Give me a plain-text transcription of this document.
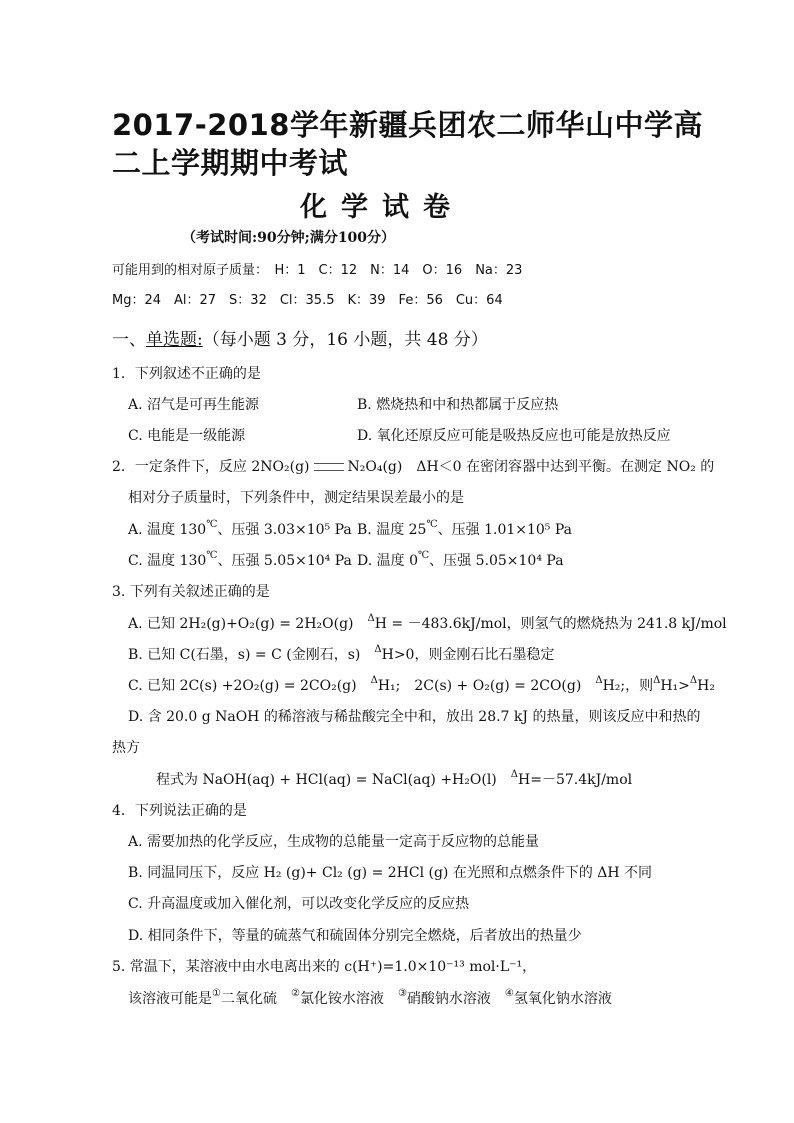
2017-2018学年新疆兵团农二师华山中学高
二上学期期中考试
化学试卷
（考试时间:90分钟;满分100分）
可能用到的相对原子质量：　H：1　C：12　N：14　O：16　Na：23
Mg：24　Al：27　S：32　Cl：35.5　K：39　Fe：56　Cu：64
一、单选题:（每小题 3 分，16 小题，共 48 分）
1．下列叙述不正确的是
A. 沼气是可再生能源	B. 燃烧热和中和热都属于反应热
C. 电能是一级能源	D. 氧化还原反应可能是吸热反应也可能是放热反应
2．一定条件下，反应 2NO₂(g)	N₂O₄(g)　ΔH＜0 在密闭容器中达到平衡。在测定 NO₂ 的
相对分子质量时，下列条件中，测定结果误差最小的是
A. 温度 130℃、压强 3.03×10⁵ Pa B. 温度 25℃、压强 1.01×10⁵ Pa
C. 温度 130℃、压强 5.05×10⁴ Pa D. 温度 0℃、压强 5.05×10⁴ Pa
3. 下列有关叙述正确的是
A. 已知 2H₂(g)+O₂(g) = 2H₂O(g)　 $^\Delta$H = －483.6kJ/mol，则氢气的燃烧热为 241.8 kJ/mol
B. 已知 C(石墨，s) = C (金刚石，s)　 $^\Delta$H>0，则金刚石比石墨稳定
C. 已知 2C(s) +2O₂(g) = 2CO₂(g)　 $^\Delta$H₁;　2C(s) + O₂(g) = 2CO(g)　 $^\Delta$H₂;，则$^\Delta$H₁>$^\Delta$H₂
D. 含 20.0 g NaOH 的稀溶液与稀盐酸完全中和，放出 28.7 kJ 的热量，则该反应中和热的
热方
程式为 NaOH(aq) + HCl(aq) = NaCl(aq) +H₂O(l)　 $^\Delta$H=－57.4kJ/mol
4．下列说法正确的是
A. 需要加热的化学反应，生成物的总能量一定高于反应物的总能量
B. 同温同压下，反应 H₂ (g)+ Cl₂ (g) = 2HCl (g) 在光照和点燃条件下的 ΔH 不同
C. 升高温度或加入催化剂，可以改变化学反应的反应热
D. 相同条件下，等量的硫蒸气和硫固体分别完全燃烧，后者放出的热量少
5. 常温下，某溶液中由水电离出来的 c(H⁺)=1.0×10⁻¹³ mol·L⁻¹，
该溶液可能是①二氧化硫　 ②氯化铵水溶液　 ③硝酸钠水溶液　 ④氢氧化钠水溶液
